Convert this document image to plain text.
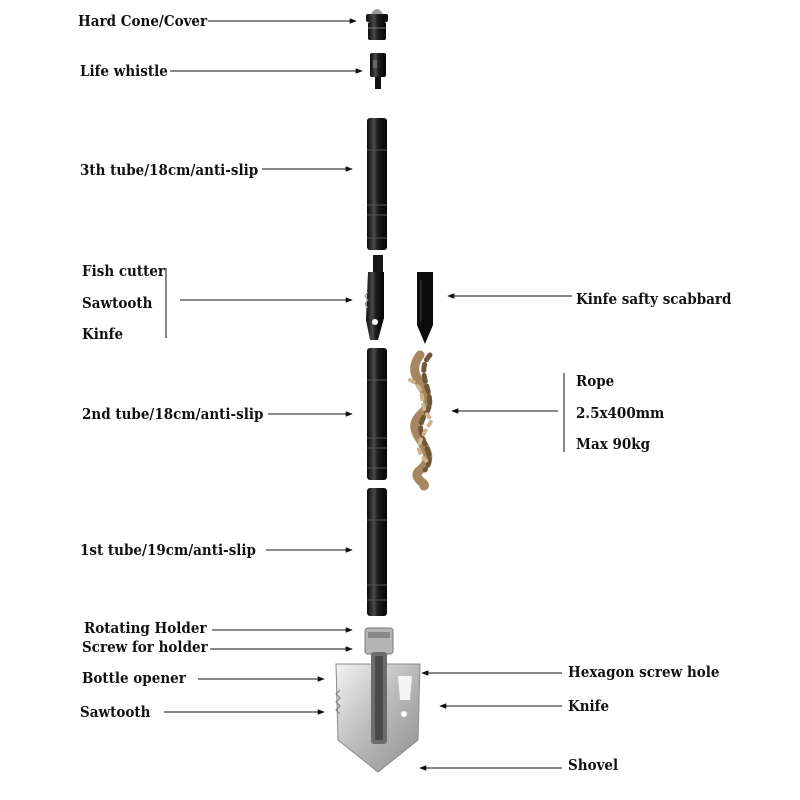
Hard Cone/Cover
Life whistle
3th tube/18cm/anti-slip
Fish cutter
Sawtooth
Kinfe
Kinfe safty scabbard
2nd tube/18cm/anti-slip
Rope
2.5x400mm
Max 90kg
1st tube/19cm/anti-slip
Rotating Holder
Screw for holder
Bottle opener
Sawtooth
Hexagon screw hole
Knife
Shovel
